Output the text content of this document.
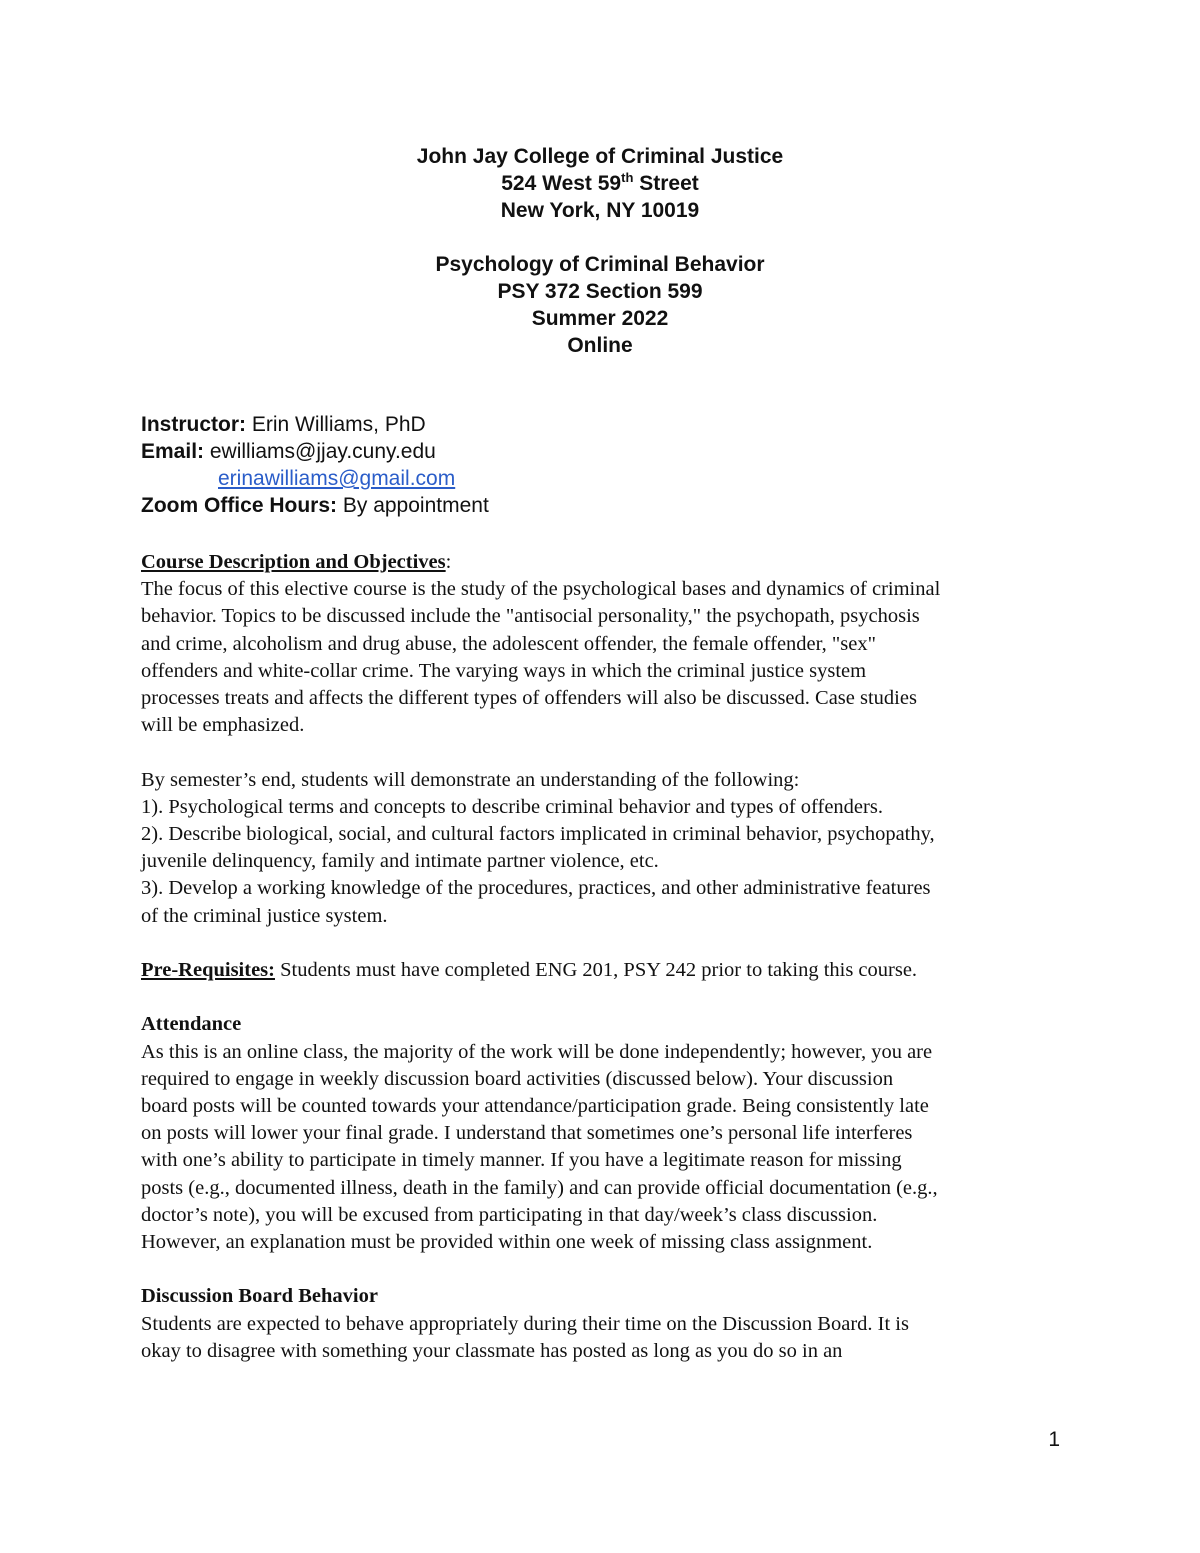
John Jay College of Criminal Justice
524 West 59th Street
New York, NY 10019
Psychology of Criminal Behavior
PSY 372 Section 599
Summer 2022
Online
Instructor: Erin Williams, PhD
Email: ewilliams@jjay.cuny.edu
erinawilliams@gmail.com
Zoom Office Hours: By appointment

Course Description and Objectives:

The focus of this elective course is the study of the psychological bases and dynamics of criminal

behavior. Topics to be discussed include the "antisocial personality," the psychopath, psychosis

and crime, alcoholism and drug abuse, the adolescent offender, the female offender, "sex"

offenders and white-collar crime. The varying ways in which the criminal justice system

processes treats and affects the different types of offenders will also be discussed. Case studies

will be emphasized.

By semester’s end, students will demonstrate an understanding of the following:

1). Psychological terms and concepts to describe criminal behavior and types of offenders.

2). Describe biological, social, and cultural factors implicated in criminal behavior, psychopathy,

juvenile delinquency, family and intimate partner violence, etc.

3). Develop a working knowledge of the procedures, practices, and other administrative features

of the criminal justice system.

Pre-Requisites: Students must have completed ENG 201, PSY 242 prior to taking this course.

Attendance

As this is an online class, the majority of the work will be done independently; however, you are

required to engage in weekly discussion board activities (discussed below). Your discussion

board posts will be counted towards your attendance/participation grade. Being consistently late

on posts will lower your final grade. I understand that sometimes one’s personal life interferes

with one’s ability to participate in timely manner. If you have a legitimate reason for missing

posts (e.g., documented illness, death in the family) and can provide official documentation (e.g.,

doctor’s note), you will be excused from participating in that day/week’s class discussion.

However, an explanation must be provided within one week of missing class assignment.

Discussion Board Behavior

Students are expected to behave appropriately during their time on the Discussion Board. It is

okay to disagree with something your classmate has posted as long as you do so in an

1
